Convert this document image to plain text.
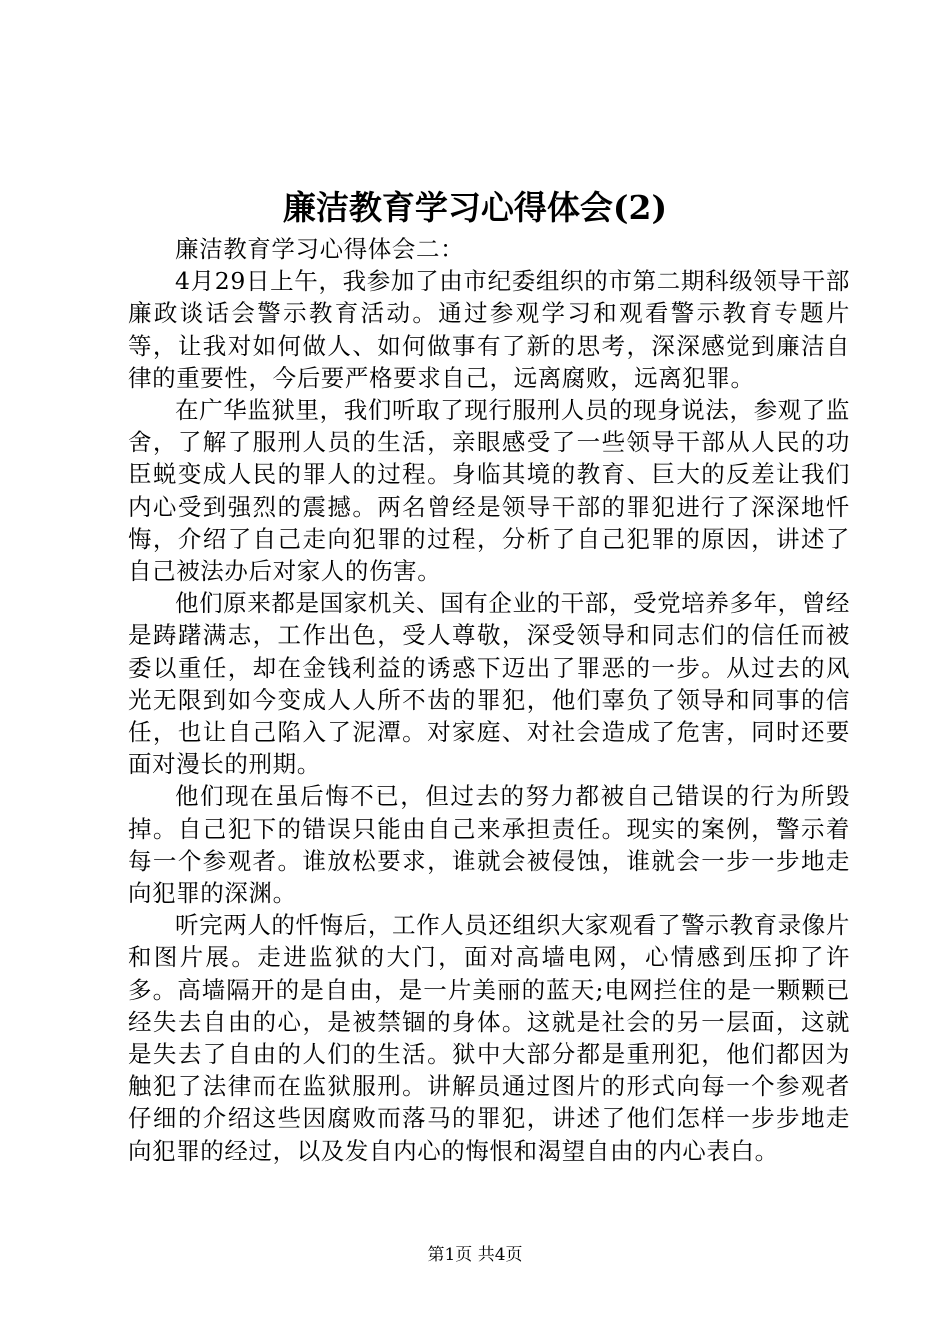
廉洁教育学习心得体会(2)

廉洁教育学习心得体会二：

4月29日上午，我参加了由市纪委组织的市第二期科级领导干部廉政谈话会警示教育活动。通过参观学习和观看警示教育专题片等，让我对如何做人、如何做事有了新的思考，深深感觉到廉洁自律的重要性，今后要严格要求自己，远离腐败，远离犯罪。

在广华监狱里，我们听取了现行服刑人员的现身说法，参观了监舍，了解了服刑人员的生活，亲眼感受了一些领导干部从人民的功臣蜕变成人民的罪人的过程。身临其境的教育、巨大的反差让我们内心受到强烈的震撼。两名曾经是领导干部的罪犯进行了深深地忏悔，介绍了自己走向犯罪的过程，分析了自己犯罪的原因，讲述了自己被法办后对家人的伤害。

他们原来都是国家机关、国有企业的干部，受党培养多年，曾经是踌躇满志，工作出色，受人尊敬，深受领导和同志们的信任而被委以重任，却在金钱利益的诱惑下迈出了罪恶的一步。从过去的风光无限到如今变成人人所不齿的罪犯，他们辜负了领导和同事的信任，也让自己陷入了泥潭。对家庭、对社会造成了危害，同时还要面对漫长的刑期。

他们现在虽后悔不已，但过去的努力都被自己错误的行为所毁掉。自己犯下的错误只能由自己来承担责任。现实的案例，警示着每一个参观者。谁放松要求，谁就会被侵蚀，谁就会一步一步地走向犯罪的深渊。

听完两人的忏悔后，工作人员还组织大家观看了警示教育录像片和图片展。走进监狱的大门，面对高墙电网，心情感到压抑了许多。高墙隔开的是自由，是一片美丽的蓝天;电网拦住的是一颗颗已经失去自由的心，是被禁锢的身体。这就是社会的另一层面，这就是失去了自由的人们的生活。狱中大部分都是重刑犯，他们都因为触犯了法律而在监狱服刑。讲解员通过图片的形式向每一个参观者仔细的介绍这些因腐败而落马的罪犯，讲述了他们怎样一步步地走向犯罪的经过，以及发自内心的悔恨和渴望自由的内心表白。

第1页 共4页
